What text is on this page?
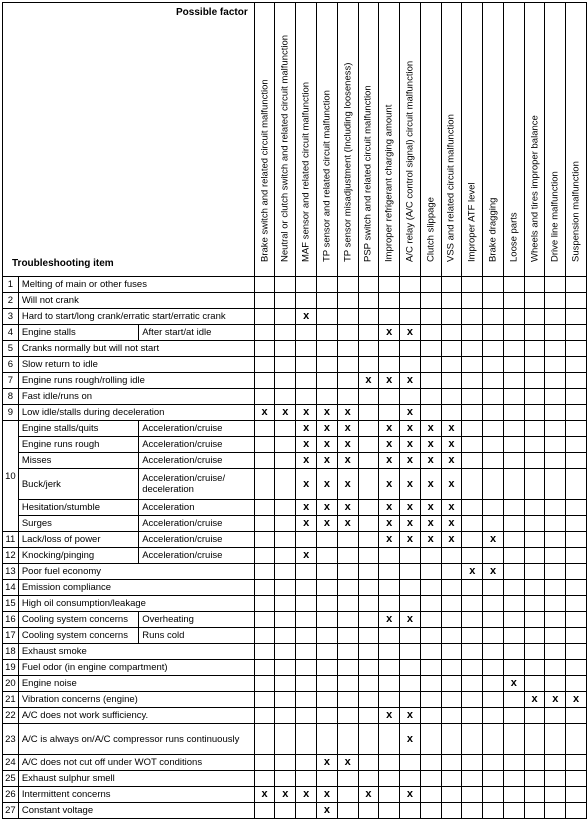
Possible factor
Troubleshooting item			Brake switch and related circuit malfunction	Neutral or clutch switch and related circuit malfunction	MAF sensor and related circuit malfunction	TP sensor and related circuit malfunction	TP sensor misadjustment (Including looseness)	PSP switch and related circuit malfunction	Improper refrigerant charging amount	A/C relay (A/C control signal) circuit malfunction	Clutch slippage	VSS and related circuit malfunction	Improper ATF level	Brake dragging	Loose parts	Wheels and tires improper balance	Drive line malfunction	Suspension malfunction

1	Melting of main or other fuses																	
2	Will not crank																	
3	Hard to start/long crank/erratic start/erratic crank				x													
4	Engine stalls	After start/at idle							x	x								
5	Cranks normally but will not start																	
6	Slow return to idle																	
7	Engine runs rough/rolling idle							x	x	x								
8	Fast idle/runs on																	
9	Low idle/stalls during deceleration		x	x	x	x	x			x								
10	Engine stalls/quits	Acceleration/cruise			x	x	x		x	x	x	x						
	Engine runs rough	Acceleration/cruise			x	x	x		x	x	x	x						
	Misses	Acceleration/cruise			x	x	x		x	x	x	x						
	Buck/jerk	Acceleration/cruise/ deceleration			x	x	x		x	x	x	x						
	Hesitation/stumble	Acceleration			x	x	x		x	x	x	x						
	Surges	Acceleration/cruise			x	x	x		x	x	x	x						
11	Lack/loss of power	Acceleration/cruise							x	x	x	x		x				
12	Knocking/pinging	Acceleration/cruise			x													
13	Poor fuel economy												x	x				
14	Emission compliance																	
15	High oil consumption/leakage																	
16	Cooling system concerns	Overheating							x	x								
17	Cooling system concerns	Runs cold																
18	Exhaust smoke																	
19	Fuel odor (in engine compartment)																	
20	Engine noise														x			
21	Vibration concerns (engine)															x	x	x
22	A/C does not work sufficiency.								x	x								
23	A/C is always on/A/C compressor runs continuously									x								
24	A/C does not cut off under WOT conditions					x	x											
25	Exhaust sulphur smell																	
26	Intermittent concerns		x	x	x	x		x		x								
27	Constant voltage					x												
